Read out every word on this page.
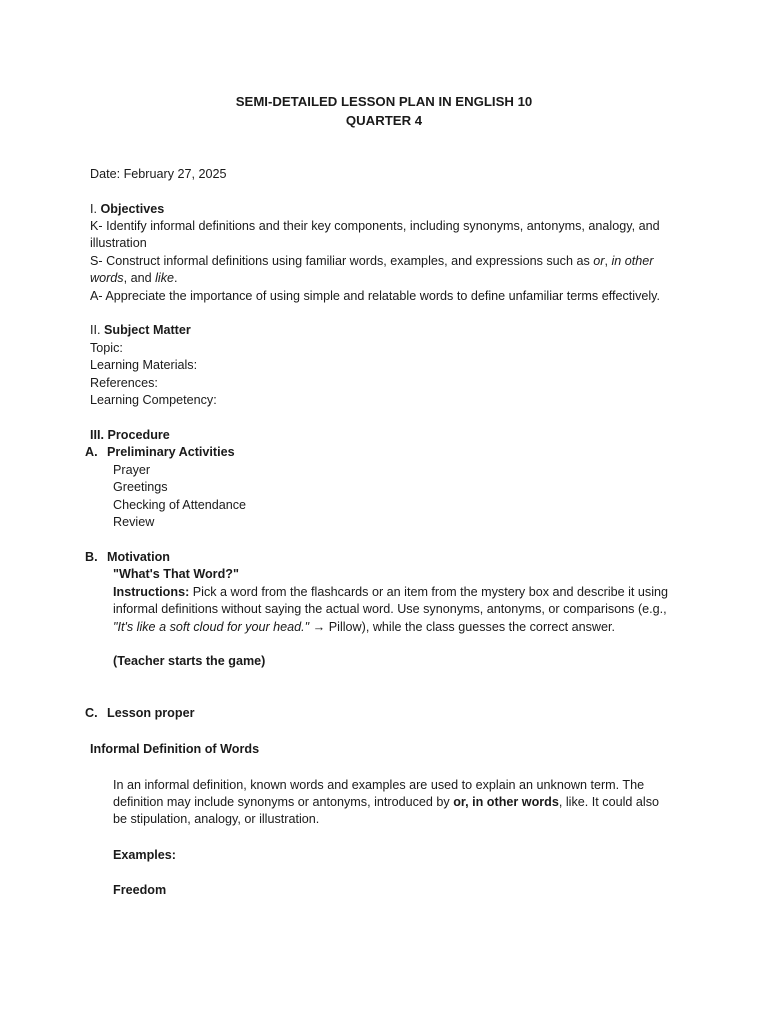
SEMI-DETAILED LESSON PLAN IN ENGLISH 10
QUARTER 4
Date: February 27, 2025
I. Objectives
K- Identify informal definitions and their key components, including synonyms, antonyms, analogy, and
illustration
S- Construct informal definitions using familiar words, examples, and expressions such as or, in other
words, and like.
A- Appreciate the importance of using simple and relatable words to define unfamiliar terms effectively.
II. Subject Matter
Topic:
Learning Materials:
References:
Learning Competency:
III. Procedure
A. Preliminary Activities
Prayer
Greetings
Checking of Attendance
Review
B. Motivation
"What's That Word?"
Instructions: Pick a word from the flashcards or an item from the mystery box and describe it using
informal definitions without saying the actual word. Use synonyms, antonyms, or comparisons (e.g.,
"It's like a soft cloud for your head." → Pillow), while the class guesses the correct answer.
(Teacher starts the game)
C. Lesson proper
Informal Definition of Words
In an informal definition, known words and examples are used to explain an unknown term. The
definition may include synonyms or antonyms, introduced by or, in other words, like. It could also
be stipulation, analogy, or illustration.
Examples:
Freedom
